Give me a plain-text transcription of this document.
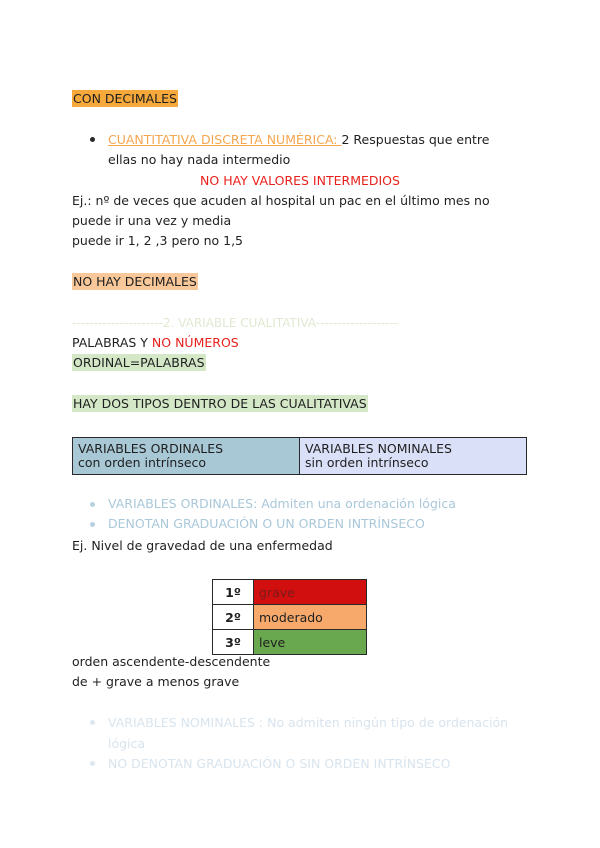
CON DECIMALES
CUANTITATIVA DISCRETA NUMÉRICA: 2 Respuestas que entre
ellas no hay nada intermedio
NO HAY VALORES INTERMEDIOS
Ej.: nº de veces que acuden al hospital un pac en el último mes no
puede ir una vez y media
puede ir 1, 2 ,3 pero no 1,5
NO HAY DECIMALES
---------------------2. VARIABLE CUALITATIVA-------------------
PALABRAS Y NO NÚMEROS
ORDINAL=PALABRAS
HAY DOS TIPOS DENTRO DE LAS CUALITATIVAS
VARIABLES ORDINALES
con orden intrínseco

VARIABLES NOMINALES
sin orden intrínseco
VARIABLES ORDINALES: Admiten una ordenación lógica
DENOTAN GRADUACIÓN O UN ORDEN INTRÍNSECO
Ej. Nivel de gravedad de una enfermedad
1º	grave
2º	moderado
3º	leve
orden ascendente-descendente
de + grave a menos grave
VARIABLES NOMINALES : No admiten ningún tipo de ordenación
lógica
NO DENOTAN GRADUACIÓN O SIN ORDEN INTRÍNSECO
